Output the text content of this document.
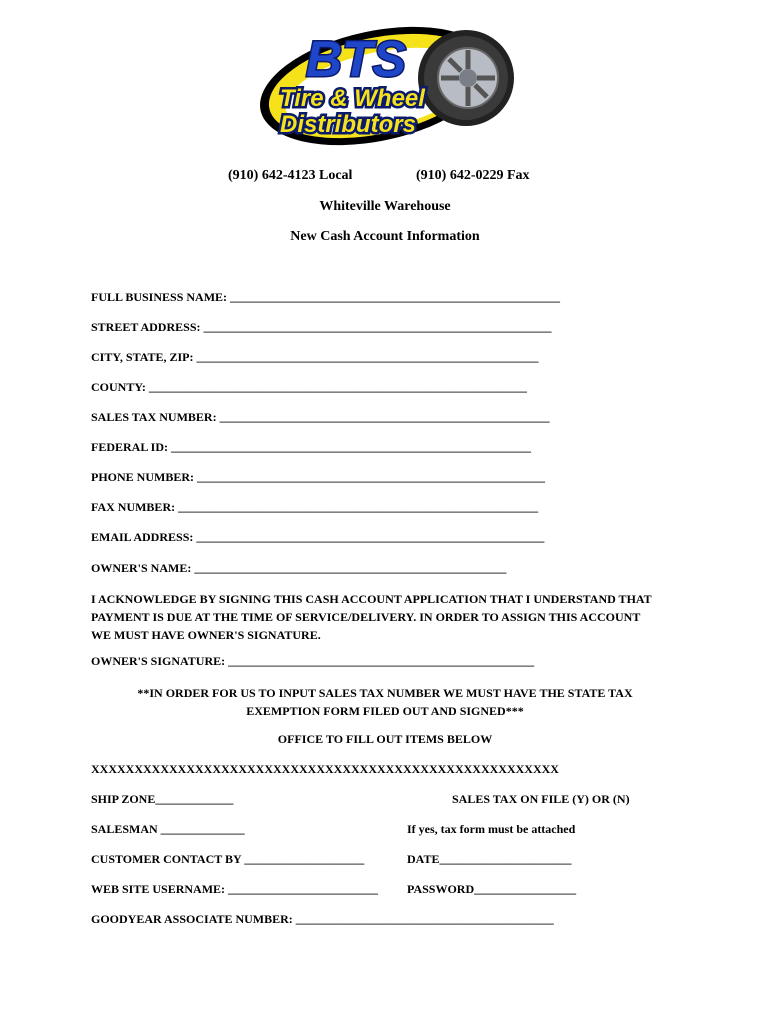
BTS
Tire & Wheel
Distributors
(910) 642-4123 Local	(910) 642-0229 Fax
Whiteville Warehouse
New Cash Account Information
FULL BUSINESS NAME: _______________________________________________________
STREET ADDRESS: __________________________________________________________
CITY, STATE, ZIP: _________________________________________________________
COUNTY: _______________________________________________________________
SALES TAX NUMBER: _______________________________________________________
FEDERAL ID: ____________________________________________________________
PHONE NUMBER: __________________________________________________________
FAX NUMBER: ____________________________________________________________
EMAIL ADDRESS: __________________________________________________________
OWNER'S NAME: ____________________________________________________
I ACKNOWLEDGE BY SIGNING THIS CASH ACCOUNT APPLICATION THAT I UNDERSTAND THAT PAYMENT IS DUE AT THE TIME OF SERVICE/DELIVERY. IN ORDER TO ASSIGN THIS ACCOUNT WE MUST HAVE OWNER'S SIGNATURE.
OWNER'S SIGNATURE: ___________________________________________________
**IN ORDER FOR US TO INPUT SALES TAX NUMBER WE MUST HAVE THE STATE TAX EXEMPTION FORM FILED OUT AND SIGNED***
OFFICE TO FILL OUT ITEMS BELOW
XXXXXXXXXXXXXXXXXXXXXXXXXXXXXXXXXXXXXXXXXXXXXXXXXXXXXX
SHIP ZONE_____________	SALES TAX ON FILE (Y) OR (N)
SALESMAN ______________	If yes, tax form must be attached
CUSTOMER CONTACT BY ____________________	DATE______________________
WEB SITE USERNAME: _________________________ PASSWORD_________________
GOODYEAR ASSOCIATE NUMBER: ___________________________________________
